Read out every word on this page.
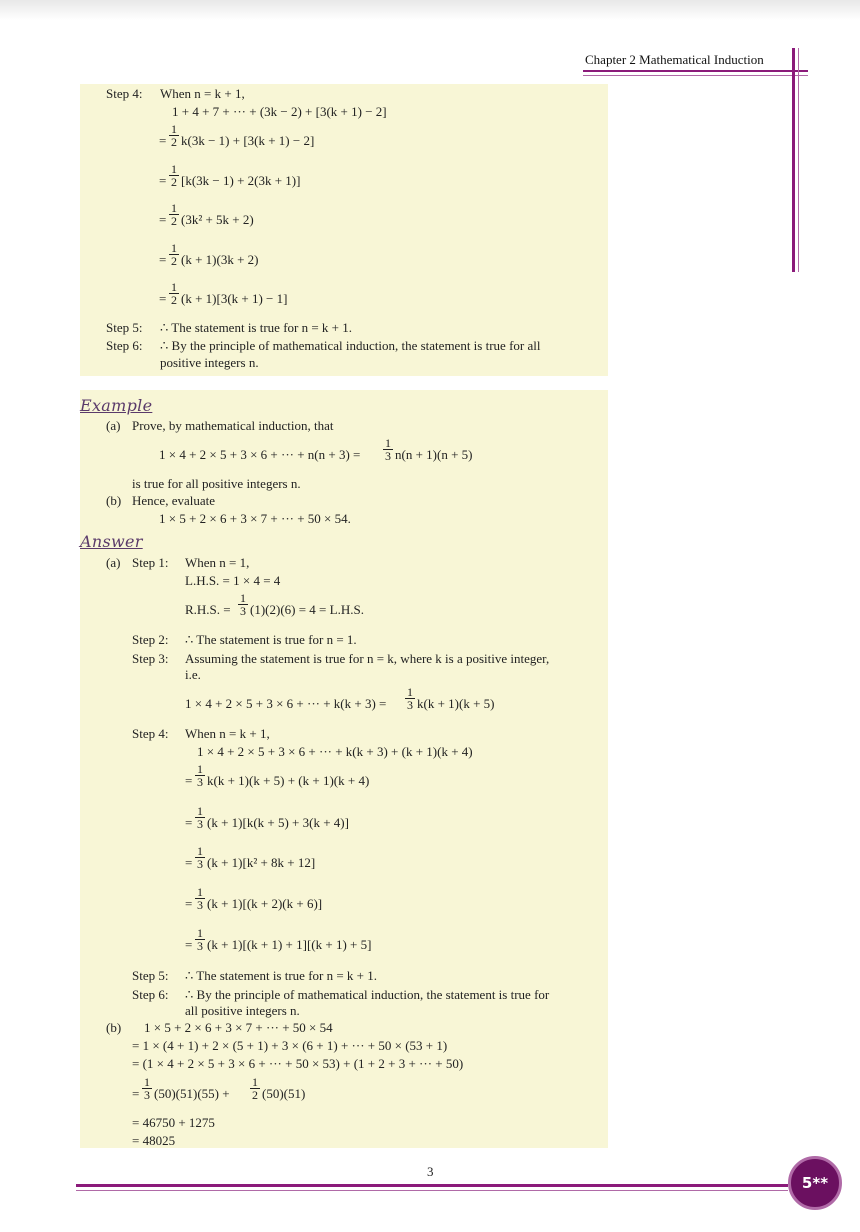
Chapter 2 Mathematical Induction
Step 4: When n = k + 1,
1 + 4 + 7 + ··· + (3k − 2) + [3(k + 1) − 2]
= $\frac{1}{2} k(3k - 1) + [3(k + 1) - 2]$
= $\frac{1}{2} [k(3k - 1) + 2(3k + 1)]$
= $\frac{1}{2} (3k^2 + 5k + 2)$
= $\frac{1}{2} (k + 1)(3k + 2)$
= $\frac{1}{2} (k + 1)[3(k + 1) - 1]$
Step 5: ∴ The statement is true for n = k + 1.
Step 6: ∴ By the principle of mathematical induction, the statement is true for all
positive integers n.
Example
(a) Prove, by mathematical induction, that
1 × 4 + 2 × 5 + 3 × 6 + ··· + $n(n + 3) = \frac{1}{3} n(n + 1)(n + 5)$
is true for all positive integers n.
(b) Hence, evaluate
1 × 5 + 2 × 6 + 3 × 7 + ··· + 50 × 54.
Answer
(a) Step 1: When n = 1,
L.H.S. = 1 × 4 = 4
R.H.S. = $\frac{1}{3} (1)(2)(6) = 4 = L.H.S$.
Step 2: ∴ The statement is true for n = 1.
Step 3: Assuming the statement is true for n = k, where k is a positive integer,
i.e.
1 × 4 + 2 × 5 + 3 × 6 + ··· + $k(k + 3) = \frac{1}{3} k(k + 1)(k + 5)$
Step 4: When n = k + 1,
1 × 4 + 2 × 5 + 3 × 6 + ··· + k(k + 3) + (k + 1)(k + 4)
= $\frac{1}{3} k(k + 1)(k + 5) + (k + 1)(k + 4)$
= $\frac{1}{3} (k + 1)[k(k + 5) + 3(k + 4)]$
= $\frac{1}{3} (k + 1)[k^2 + 8k + 12]$
= $\frac{1}{3} (k + 1)[(k + 2)(k + 6)]$
= $\frac{1}{3} (k + 1)[(k + 1) + 1][(k + 1) + 5]$
Step 5: ∴ The statement is true for n = k + 1.
Step 6: ∴ By the principle of mathematical induction, the statement is true for
all positive integers n.
(b) 1 × 5 + 2 × 6 + 3 × 7 + ··· + 50 × 54
= 1 × (4 + 1) + 2 × (5 + 1) + 3 × (6 + 1) + ··· + 50 × (53 + 1)
= (1 × 4 + 2 × 5 + 3 × 6 + ··· + 50 × 53) + (1 + 2 + 3 + ··· + 50)
= $\frac{1}{3} (50)(51)(55) + \frac{1}{2} (50)(51)$
= 46750 + 1275
= 48025
3
5**
